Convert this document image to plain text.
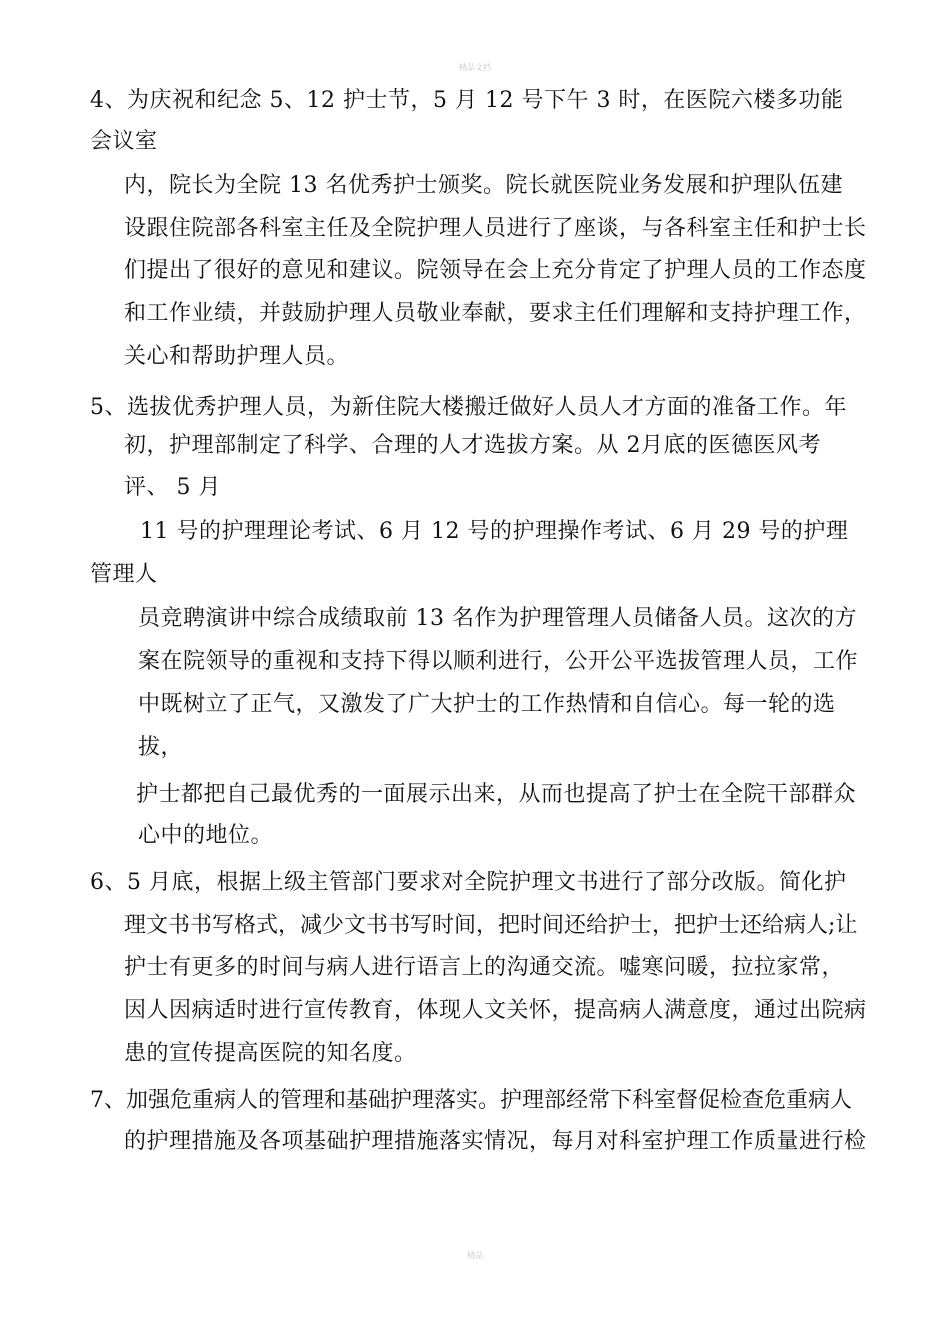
精品文档
4、为庆祝和纪念 5、12 护士节，5 月 12 号下午 3 时，在医院六楼多功能
会议室
内，院长为全院 13 名优秀护士颁奖。院长就医院业务发展和护理队伍建
设跟住院部各科室主任及全院护理人员进行了座谈，与各科室主任和护士长
们提出了很好的意见和建议。院领导在会上充分肯定了护理人员的工作态度
和工作业绩，并鼓励护理人员敬业奉献，要求主任们理解和支持护理工作，
关心和帮助护理人员。
5、选拔优秀护理人员，为新住院大楼搬迁做好人员人才方面的准备工作。年
初，护理部制定了科学、合理的人才选拔方案。从 2月底的医德医风考
评、 5 月
11 号的护理理论考试、6 月 12 号的护理操作考试、6 月 29 号的护理
管理人
员竞聘演讲中综合成绩取前 13 名作为护理管理人员储备人员。这次的方
案在院领导的重视和支持下得以顺利进行，公开公平选拔管理人员，工作
中既树立了正气，又激发了广大护士的工作热情和自信心。每一轮的选
拔，
护士都把自己最优秀的一面展示出来，从而也提高了护士在全院干部群众
心中的地位。
6、5 月底，根据上级主管部门要求对全院护理文书进行了部分改版。简化护
理文书书写格式，减少文书书写时间，把时间还给护士，把护士还给病人;让
护士有更多的时间与病人进行语言上的沟通交流。嘘寒问暖，拉拉家常，
因人因病适时进行宣传教育，体现人文关怀，提高病人满意度，通过出院病
患的宣传提高医院的知名度。
7、加强危重病人的管理和基础护理落实。护理部经常下科室督促检查危重病人
的护理措施及各项基础护理措施落实情况，每月对科室护理工作质量进行检
精品
